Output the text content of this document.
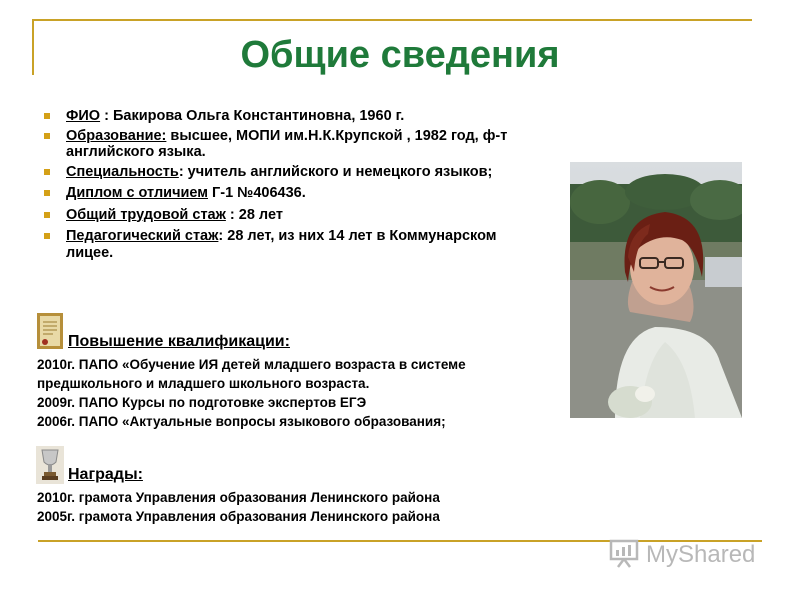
Общие сведения
ФИО : Бакирова Ольга Константиновна, 1960 г.
Образование: высшее, МОПИ им.Н.К.Крупской , 1982 год, ф-т английского языка.
Специальность: учитель английского и немецкого языков;
Диплом с отличием Г-1 №406436.
Общий трудовой стаж : 28 лет
Педагогический стаж: 28 лет, из них 14 лет в Коммунарском лицее.
Повышение квалификации:
2010г. ПАПО «Обучение ИЯ детей младшего возраста в системе
предшкольного и младшего школьного возраста.
2009г. ПАПО Курсы по подготовке экспертов ЕГЭ
2006г. ПАПО «Актуальные вопросы языкового образования;
Награды:
2010г. грамота Управления образования Ленинского района
2005г. грамота Управления образования Ленинского района
MyShared
